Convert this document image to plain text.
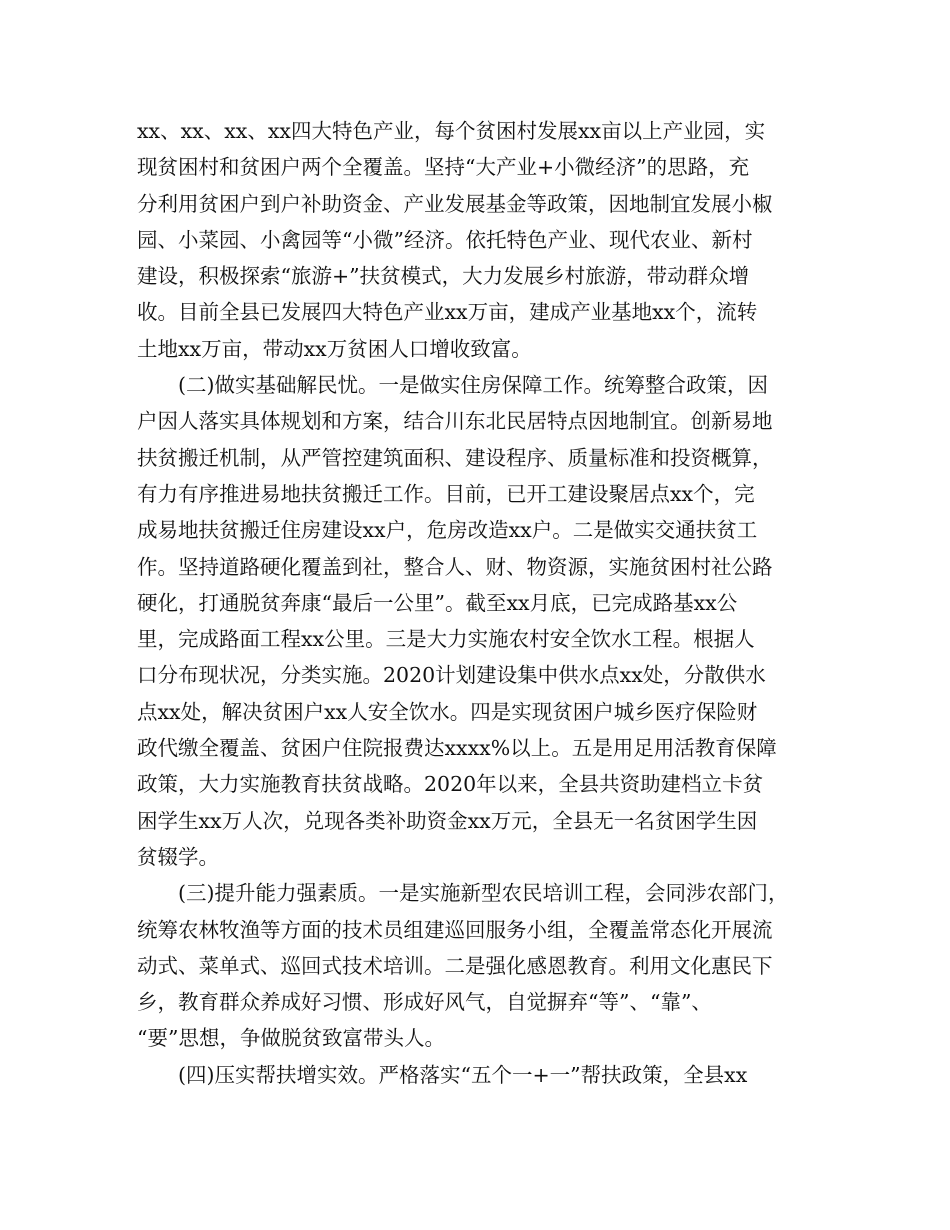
xx、xx、xx、xx四大特色产业，每个贫困村发展xx亩以上产业园，实
现贫困村和贫困户两个全覆盖。坚持“大产业+小微经济”的思路，充
分利用贫困户到户补助资金、产业发展基金等政策，因地制宜发展小椒
园、小菜园、小禽园等“小微”经济。依托特色产业、现代农业、新村
建设，积极探索“旅游+”扶贫模式，大力发展乡村旅游，带动群众增
收。目前全县已发展四大特色产业xx万亩，建成产业基地xx个，流转
土地xx万亩，带动xx万贫困人口增收致富。
　　(二)做实基础解民忧。一是做实住房保障工作。统筹整合政策，因
户因人落实具体规划和方案，结合川东北民居特点因地制宜。创新易地
扶贫搬迁机制，从严管控建筑面积、建设程序、质量标准和投资概算，
有力有序推进易地扶贫搬迁工作。目前，已开工建设聚居点xx个，完
成易地扶贫搬迁住房建设xx户，危房改造xx户。二是做实交通扶贫工
作。坚持道路硬化覆盖到社，整合人、财、物资源，实施贫困村社公路
硬化，打通脱贫奔康“最后一公里”。截至xx月底，已完成路基xx公
里，完成路面工程xx公里。三是大力实施农村安全饮水工程。根据人
口分布现状况，分类实施。2020计划建设集中供水点xx处，分散供水
点xx处，解决贫困户xx人安全饮水。四是实现贫困户城乡医疗保险财
政代缴全覆盖、贫困户住院报费达xxxx%以上。五是用足用活教育保障
政策，大力实施教育扶贫战略。2020年以来，全县共资助建档立卡贫
困学生xx万人次，兑现各类补助资金xx万元，全县无一名贫困学生因
贫辍学。
　　(三)提升能力强素质。一是实施新型农民培训工程，会同涉农部门，
统筹农林牧渔等方面的技术员组建巡回服务小组，全覆盖常态化开展流
动式、菜单式、巡回式技术培训。二是强化感恩教育。利用文化惠民下
乡，教育群众养成好习惯、形成好风气，自觉摒弃“等”、“靠”、
“要”思想，争做脱贫致富带头人。
　　(四)压实帮扶增实效。严格落实“五个一+一”帮扶政策，全县xx
